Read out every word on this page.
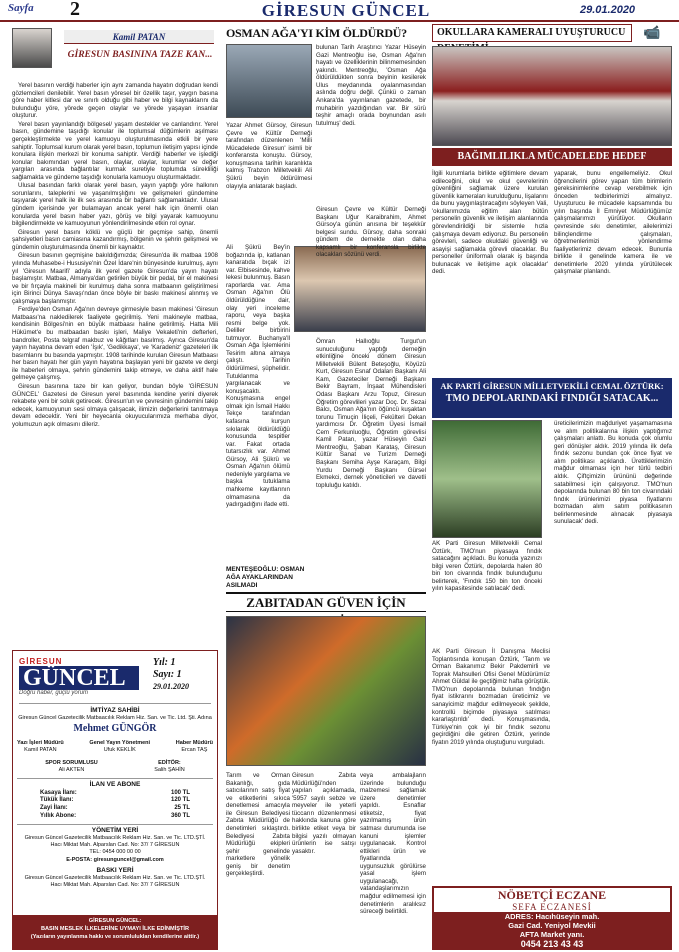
Sayfa 2	GİRESUN GÜNCEL	29.01.2020
Kamil PATAN
GİRESUN BASININA TAZE KAN...

Yerel basının verdiği haberler için aynı zamanda hayatın doğrudan kendi gözlemcileri denilebilir. Yerel basın yöresel bir özellik taşır, yaygın basına göre haber kitlesi dar ve sınırlı olduğu gibi haber ve bilgi kaynaklarını da bulunduğu yöre, yörede geçen olaylar ve yörede yaşayan insanlar oluşturur.

Yerel basın yayınlandığı bölgesel/ yaşam destekler ve canlandırır. Yerel basın, gündemine taşıdığı konular ile toplumsal düğümlerin aşılması gerçekleştirmekte ve yerel kamuoyu oluşturulmasında etkili bir yere sahiptir. Toplumsal kurum olarak yerel basın, toplumun iletişim yapısı içinde konulara ilişkin merkezi bir konuma sahiptir. Verdiği haberler ve işlediği konular bakımından yerel basın, olaylar, olaylar, kurumlar ve değer yargıları arasında bağlantılar kurmak suretiyle toplumda sürekliliği sağlamakta ve gündeme taşıdığı konularla kamuoyu oluşturmaktadır.

Ulusal basından farklı olarak yerel basın, yayın yaptığı yöre halkının sorunlarını, taleplerini ve yaşanılmışlığını ve gelişmeleri gündemine taşıyarak yerel halk ile ilk ses arasında bir bağlantı sağlamaktadır. Ulusal gündem içerisinde yer bulamayan ancak yerel halk için önemli olan konularda yerel basın haber yazı, görüş ve bilgi yayarak kamuoyunu bilgilendirmekte ve kamuoyunun yönlendirilmesinde etkin rol oynar.

Giresun yerel basını köklü ve güçlü bir geçmişe sahip, önemli şahsiyetleri basın camiasına kazandırmış, bölgenin ve şehrin gelişmesi ve gündemin oluşturulmasında önemli bir kaynaktır.

Giresun basının geçmişine bakıldığımızda; Giresun'da ilk matbaa 1908 yılında Muhasebe-i Hususiye'nin Özel İdare'nin bünyesinde kurulmuş, aynı yıl 'Giresun Maarifi' adıyla ilk yerel gazete Giresun'da yayın hayatı başlamıştır. Matbaa, Almanya'dan getirilen büyük bir pedal, bir el makinesi ve bir fırçayla makineli bir kurulmuş daha sonra matbaanın geliştirilmesi için Birinci Dünya Savaşı'ndan önce böyle bir baskı makinesi alınmış ve çalışmaya başlanmıştır.

Ferdiye'den Osman Ağa'nın devreye girmesiyle basın makinesi 'Giresun Matbaası'na nakledilerek faaliyete geçirilmiş. Yeni makineyle matbaa, kendisinin Bölgesi'nin en büyük matbaası haline getirilmiş. Hatta Mili Hükümet'e bu matbaadan baskı işleri, Maliye Vekaleti'nin defterleri, bandroller, Posta telgraf makbuz ve kâğıtları basılmış. Ayrıca Giresun'da yayın hayatına devam eden 'İşık', 'Gedikkaya', ve 'Karadeniz' gazeteleri ilk basımlarını bu basında yapmıştır. 1908 tarihinde kurulan Giresun Matbaası her basın hayatı her gün yayın hayatına başlayan yeni bir gazete ve dergi ile haberleri olmaya, şehrin gündemini takip etmeye, ve daha aktif hale gelmeye çalışmış.

Giresun basınına taze bir kan geliyor, bundan böyle 'GİRESUN GÜNCEL' Gazetesi de Giresun yerel basınında kendine yerini diyerek rekabete yeni bir soluk getirecek. Giresun'un ve çevresinin gündemini takip edecek, kamuoyunun sesi olmaya çalışacak, ilimizin değerlerini tanıtmaya devam edecektir. Yeni bir heyecanla okuyucularımıza merhaba diyor, yolumuzun açık olmasını dileriz.

GİRESUN
GÜNCEL
Doğru haber, güçlü yorum
Yıl: 1
Sayı: 1
29.01.2020
İMTİYAZ SAHİBİ
Giresun Güncel Gazetecilik Matbaacılık Reklam Hiz. San. ve Tic. Ltd. Şti. Adına
Mehmet GÜNGÖR
Yazı İşleri Müdürü
Kamil PATAN
Genel Yayın Yönetmeni
Ufuk KEKLİK
Haber Müdürü
Ercan TAŞ
SPOR SORUMLUSU
Ali AKTEN
EDİTÖR:
Salih ŞAHİN
İLAN VE ABONE
Kasaya İlanı:	100 TL
Tükük İlanı:	120 TL
Zayi İlanı:	25 TL
Yıllık Abone:	360 TL
YÖNETİM YERİ
Giresun Güncel Gazetecilik Matbaacılık Reklam Hiz. San. ve Tic. LTD.ŞTİ.
Hacı Miktat Mah. Alparslan Cad. No: 37/ 7 GİRESUN
TEL: 0454 000 00 00
E-POSTA: giresunguncel@gmail.com
BASKI YERİ
Giresun Güncel Gazetecilik Matbaacılık Reklam Hiz. San. ve Tic. LTD.ŞTİ.
Hacı Miktat Mah. Alparslan Cad. No: 37/ 7 GİRESUN
GİRESUN GÜNCEL:
BASIN MESLEK İLKELERİNE UYMAYI İLKE EDİNMİŞTİR
(Yazıların yayınlanma hakkı ve sorumlulukları kendilerine aittir.)
OSMAN AĞA'YI KİM ÖLDÜRDÜ?
Yazar Ahmet Gürsoy, Giresun Çevre ve Kültür Derneği tarafından düzenlenen 'Milli Mücadelede Giresun' isimli bir konferansta konuştu. Gürsoy, konuşmasına tarihin karanlıkta kalmış Trabzon Milletvekili Ali Şükrü beyin öldürülmesi olayıyla anlatarak başladı.
Ali Şükrü Bey'in boğazında ip, katlanan kanaratıda bıçak izi var. Elbisesinde, kahve lekesi bulunmuş. Basın raporlarda var. Ama Osman Ağa'nın Ölü öldürüldüğüne dair, olay yeri inceleme raporu, veya başka resmi belge yok. Deliller birbirini tutmuyor. Buchanya'll Osman Ağa İşlemlerini Tesirim altına almaya çalıştı. Tarihin öldürülmesi, şüphelidir. Tutuklanma yargılanacak ve konuşacaktı. Konuşmasına engel olmak için İsmail Hakkı Tekçe tarafından kafasına kurşun sıkılarak öldürüldüğü konusunda tespitler var. Fakat ortada tutarsızlık var. Ahmet Gürsoy, Ali Şükrü ve Osman Ağa'nın ölümü nedeniyle yargılama ve başka tutuklama mahkeme kayıtlarının olmamasına da yadırgadığını ifade etti.
MENTEŞEOĞLU: OSMAN AĞA AYAKLARINDAN ASILMADI
bulunan Tarih Araştırıcı Yazar Hüseyin Gazi Mentreoğlu ise, Osman Ağa'nın hayatı ve özelliklerinin bilinmemesinden yakındı. Mentreoğlu, 'Osman Ağa öldürüldükten sonra beyinin kesilerek Ulus meydanında oyalanmasından aslında doğru değil. Çünkü o zaman Ankara'da yayınlanan gazetede, bir muhabirin yazdığından var. Bir sürü teşhir amaçlı orada boynundan asılı tutulmuş' dedi.
Giresun Çevre ve Kültür Derneği Başkanı Uğur Karaibrahim, Ahmet Gürsoy'a günün anısına bir teşekkür belgesi sundu. Gürsoy, daha sonraki gündem de dernekte olan daha kapsamlı bir konferansla birlikte olacakları sözünü verdi.
Ömran Hallıoğlu Turgut'un sunuculuğunu yaptığı derneğin etkinliğine önceki dönem Giresun Milletvekili Bülent Beteşoğlu, Köyüzü Kurt, Giresun Esnaf Odaları Başkanı Ali Kam, Gazeteciler Derneği Başkanı Bekir Bayram, İnşaat Mühendisleri Odası Başkanı Arzu Topuz, Giresun Öğretim görevlileri yazar Doç. Dr. Sezai Balcı, Osman Ağa'nın öğüncü kuşaktan torunu Timuçin İliçeli, Fekülteri Dekan yardımcısı Dr. Öğretim Üyesi İsmail Cem Ferkunluoğlu, Öğretim görevlisi Kamil Patan, yazar Hüseyin Gazi Mentreoğlu, Şaban Karataş, Giresun Kültür Sanat ve Turizm Derneği Başkanı Semiha Ayşe Karaçam, Bilgi Yurdu Derneği Başkanı Gürsel Ekmekci, dernek yöneticileri ve davetli topluluğu katıldı.
OKULLARA KAMERALI UYUŞTURUCU	📹
BAĞIMLILIKLA MÜCADELEDE HEDEF OKULLAR
İlgili kurumlarla birlikte eğitimlere devam edileceğini, okul ve okul çevrelerinin güvenliğini sağlamak üzere kurulan güvenlik kameraları kurulduğunu, lişalarını da bunu yaygınlaştıracağını söyleyen Vali, 'okullarımızda eğitim alan bütün personelin güvenlik ve iletişim alanlarında görevlendirildiği bir sistemle hızla çalışmaya devam ediyoruz. Bu personelin görevleri, sadece okuldaki güvenliği ve asayişi sağlamakla görevli olacaklar. Bu personeller üniformalı olarak iş başında bulunacak ve iletişime açık olacaklar' dedi.
yaparak, bunu engellemeliyiz. Okul öğrencilerini görev yapan tüm birimlerin gereksinimlerine cevap verebilmek için önceden tedbirlerimizi almalıyız. Uyuşturucu ile mücadele kapsamında bu yılın başında İl Emniyet Müdürlüğümüz çalışmalarımızı yürütüyor. Okulların çevresinde sıkı denetimler, ailelerimizi bilinçlendirme çalışmaları, öğretmenlerimizi yönlendirme faaliyetlerimiz devam edecek. Bununla birlikte il genelinde kamera ile ve denetimlerle 2020 yılında yürütülecek çalışmalar planlandı.
AK PARTİ GİRESUN MİLLETVEKİLİ CEMAL ÖZTÜRK:
TMO DEPOLARINDAKİ FINDIĞI SATACAK...
AK Parti Giresun Milletvekili Cemal Öztürk, TMO'nun piyasaya fındık satacağını açıkladı. Bu konuda yazınızı bilgi veren Öztürk, depolarda halen 80 bin ton civarında fındık bulunduğunu belirterek, 'Fındık 150 bin ton önceki yılın kapasitesinde satılacak' dedi.
AK Parti Giresun İl Danışma Meclisi Toplantısında konuşan Öztürk, 'Tarım ve Orman Bakanımız Bekir Pakdemirli ve Toprak Mahsulleri Ofisi Genel Müdürümüz Ahmet Güldal ile geçtiğimiz hafta görüştük. TMO'nun depolarında bulunan fındığın fiyat istikrarını bozmadan üreticimiz ve sanayicimiz mağdur edilmeyecek şekilde, kontrollü biçimde piyasaya satılması kararlaştırıldı' dedi. Konuşmasında, Türkiye'nin çok iyi bir fındık sezonu geçirdiğini dile getiren Öztürk, yerinde fiyatın 2019 yılında oluştuğunu vurguladı.
üreticilerimizin mağduriyet yaşamamasına ve alım politikalarına ilişkin yaptığımız çalışmaları anlattı. Bu konuda çok olumlu geri dönüşler aldık. 2019 yılında ilk defa fındık sezonu bundan çok önce fiyat ve alım politikası açıklandı. Ürettiklerimizin mağdur olmaması için her türlü tedbiri aldık. Çiftçimizin ürününü değerinde satabilmesi için çalışıyoruz. TMO'nun depolarında bulunan 80 bin ton civarındaki fındık ürünlerimizi piyasa fiyatlarını bozmadan alım satım politikasının belirlenmesinde alınacak piyasaya sunulacak' dedi.
ZABITADAN GÜVEN İÇİN
Tarım ve Orman Bakanlığı, gıda satıcılarının satış fiyat ve etiketlerini sıkıca denetlemesi amacıyla ile Giresun Belediyesi Zabıta Müdürlüğü de denetimleri sıklaştırdı. Belediyesi Zabıta Müdürlüğü ekipleri şehir genelinde marketlere yönelik geniş bir denetim gerçekleştirdi.
Giresun Zabıta Müdürlüğü'nden yapılan açıklamada, '5957 sayılı sebze ve meyveler ile yeterli tüccarın düzenlenmesi hakkında kanuna göre birlikte etiket veya bir bilgisi yazılı olmayan ürünlerin ise satışı yasaktır.
veya ambalajların üzerinde bulunduğu malzemesi sağlamak üzere denetimler yapıldı. Esnaflar etiketsiz, fiyat yazılmamış ürün satması durumunda ise kanuni işlemler uygulanacak. Kontrol ettikleri ürün ve fiyatlarında uygunsuzluk görülürse yasal işlem uygulanacağı, vatandaşlarımızın mağdur edilmemesi için denetimlerin aralıksız süreceği belirtildi.
NÖBETÇİ ECZANE
SEFA ECZANESİ
ADRES: Hacıhüseyin mah.
Gazi Cad. Yeniyol Mevkii
AFTA Market yanı.
0454 213 43 43
